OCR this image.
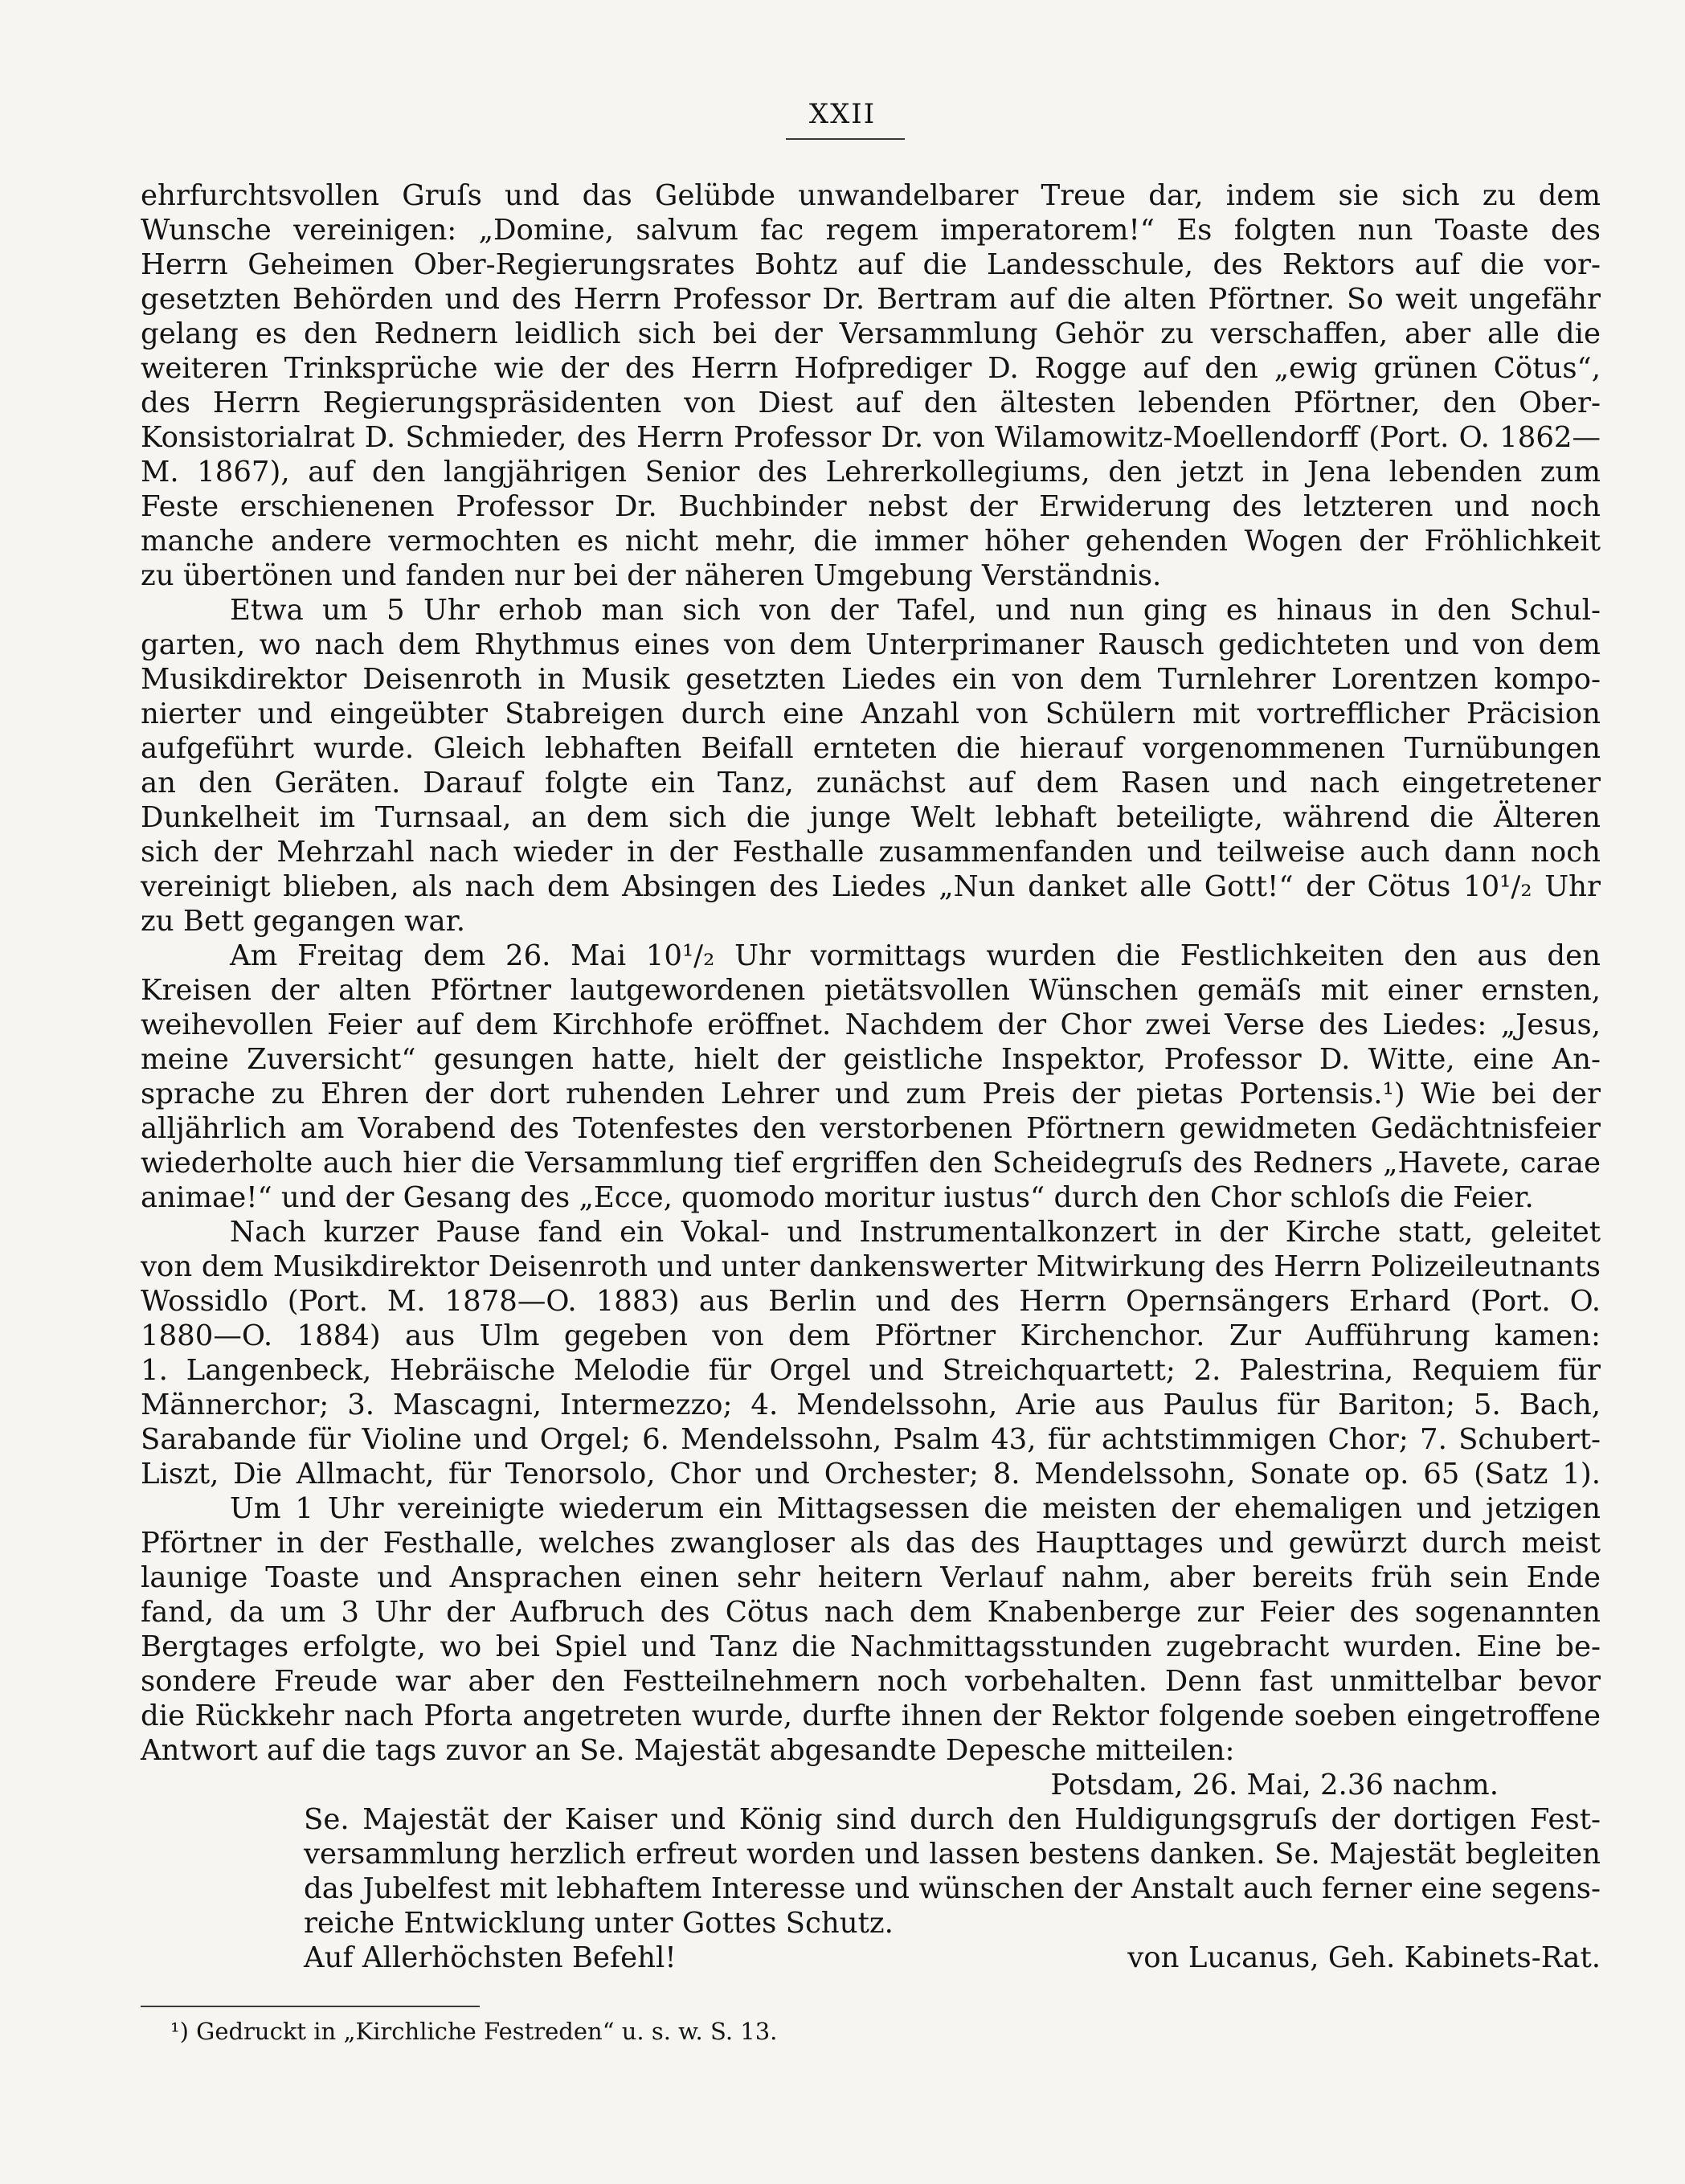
XXII
ehrfurchtsvollen Gruſs und das Gelübde unwandelbarer Treue dar, indem sie sich zu dem
Wunsche vereinigen: „Domine, salvum fac regem imperatorem!“ Es folgten nun Toaste des
Herrn Geheimen Ober-Regierungsrates Bohtz auf die Landesschule, des Rektors auf die vor-
gesetzten Behörden und des Herrn Professor Dr. Bertram auf die alten Pförtner. So weit ungefähr
gelang es den Rednern leidlich sich bei der Versammlung Gehör zu verschaffen, aber alle die
weiteren Trinksprüche wie der des Herrn Hofprediger D. Rogge auf den „ewig grünen Cötus“,
des Herrn Regierungspräsidenten von Diest auf den ältesten lebenden Pförtner, den Ober-
Konsistorialrat D. Schmieder, des Herrn Professor Dr. von Wilamowitz-Moellendorff (Port. O. 1862—
M. 1867), auf den langjährigen Senior des Lehrerkollegiums, den jetzt in Jena lebenden zum
Feste erschienenen Professor Dr. Buchbinder nebst der Erwiderung des letzteren und noch
manche andere vermochten es nicht mehr, die immer höher gehenden Wogen der Fröhlichkeit
zu übertönen und fanden nur bei der näheren Umgebung Verständnis.
Etwa um 5 Uhr erhob man sich von der Tafel, und nun ging es hinaus in den Schul-
garten, wo nach dem Rhythmus eines von dem Unterprimaner Rausch gedichteten und von dem
Musikdirektor Deisenroth in Musik gesetzten Liedes ein von dem Turnlehrer Lorentzen kompo-
nierter und eingeübter Stabreigen durch eine Anzahl von Schülern mit vortrefflicher Präcision
aufgeführt wurde. Gleich lebhaften Beifall ernteten die hierauf vorgenommenen Turnübungen
an den Geräten. Darauf folgte ein Tanz, zunächst auf dem Rasen und nach eingetretener
Dunkelheit im Turnsaal, an dem sich die junge Welt lebhaft beteiligte, während die Älteren
sich der Mehrzahl nach wieder in der Festhalle zusammenfanden und teilweise auch dann noch
vereinigt blieben, als nach dem Absingen des Liedes „Nun danket alle Gott!“ der Cötus 10¹/₂ Uhr
zu Bett gegangen war.
Am Freitag dem 26. Mai 10¹/₂ Uhr vormittags wurden die Festlichkeiten den aus den
Kreisen der alten Pförtner lautgewordenen pietätsvollen Wünschen gemäſs mit einer ernsten,
weihevollen Feier auf dem Kirchhofe eröffnet. Nachdem der Chor zwei Verse des Liedes: „Jesus,
meine Zuversicht“ gesungen hatte, hielt der geistliche Inspektor, Professor D. Witte, eine An-
sprache zu Ehren der dort ruhenden Lehrer und zum Preis der pietas Portensis.¹) Wie bei der
alljährlich am Vorabend des Totenfestes den verstorbenen Pförtnern gewidmeten Gedächtnisfeier
wiederholte auch hier die Versammlung tief ergriffen den Scheidegruſs des Redners „Havete, carae
animae!“ und der Gesang des „Ecce, quomodo moritur iustus“ durch den Chor schloſs die Feier.
Nach kurzer Pause fand ein Vokal- und Instrumentalkonzert in der Kirche statt, geleitet
von dem Musikdirektor Deisenroth und unter dankenswerter Mitwirkung des Herrn Polizeileutnants
Wossidlo (Port. M. 1878—O. 1883) aus Berlin und des Herrn Opernsängers Erhard (Port. O.
1880—O. 1884) aus Ulm gegeben von dem Pförtner Kirchenchor. Zur Aufführung kamen:
1. Langenbeck, Hebräische Melodie für Orgel und Streichquartett; 2. Palestrina, Requiem für
Männerchor; 3. Mascagni, Intermezzo; 4. Mendelssohn, Arie aus Paulus für Bariton; 5. Bach,
Sarabande für Violine und Orgel; 6. Mendelssohn, Psalm 43, für achtstimmigen Chor; 7. Schubert-
Liszt, Die Allmacht, für Tenorsolo, Chor und Orchester; 8. Mendelssohn, Sonate op. 65 (Satz 1).
Um 1 Uhr vereinigte wiederum ein Mittagsessen die meisten der ehemaligen und jetzigen
Pförtner in der Festhalle, welches zwangloser als das des Haupttages und gewürzt durch meist
launige Toaste und Ansprachen einen sehr heitern Verlauf nahm, aber bereits früh sein Ende
fand, da um 3 Uhr der Aufbruch des Cötus nach dem Knabenberge zur Feier des sogenannten
Bergtages erfolgte, wo bei Spiel und Tanz die Nachmittagsstunden zugebracht wurden. Eine be-
sondere Freude war aber den Festteilnehmern noch vorbehalten. Denn fast unmittelbar bevor
die Rückkehr nach Pforta angetreten wurde, durfte ihnen der Rektor folgende soeben eingetroffene
Antwort auf die tags zuvor an Se. Majestät abgesandte Depesche mitteilen:
Potsdam, 26. Mai, 2.36 nachm.
Se. Majestät der Kaiser und König sind durch den Huldigungsgruſs der dortigen Fest-
versammlung herzlich erfreut worden und lassen bestens danken. Se. Majestät begleiten
das Jubelfest mit lebhaftem Interesse und wünschen der Anstalt auch ferner eine segens-
reiche Entwicklung unter Gottes Schutz.
Auf Allerhöchsten Befehl!	von Lucanus, Geh. Kabinets-Rat.
¹) Gedruckt in „Kirchliche Festreden“ u. s. w. S. 13.
